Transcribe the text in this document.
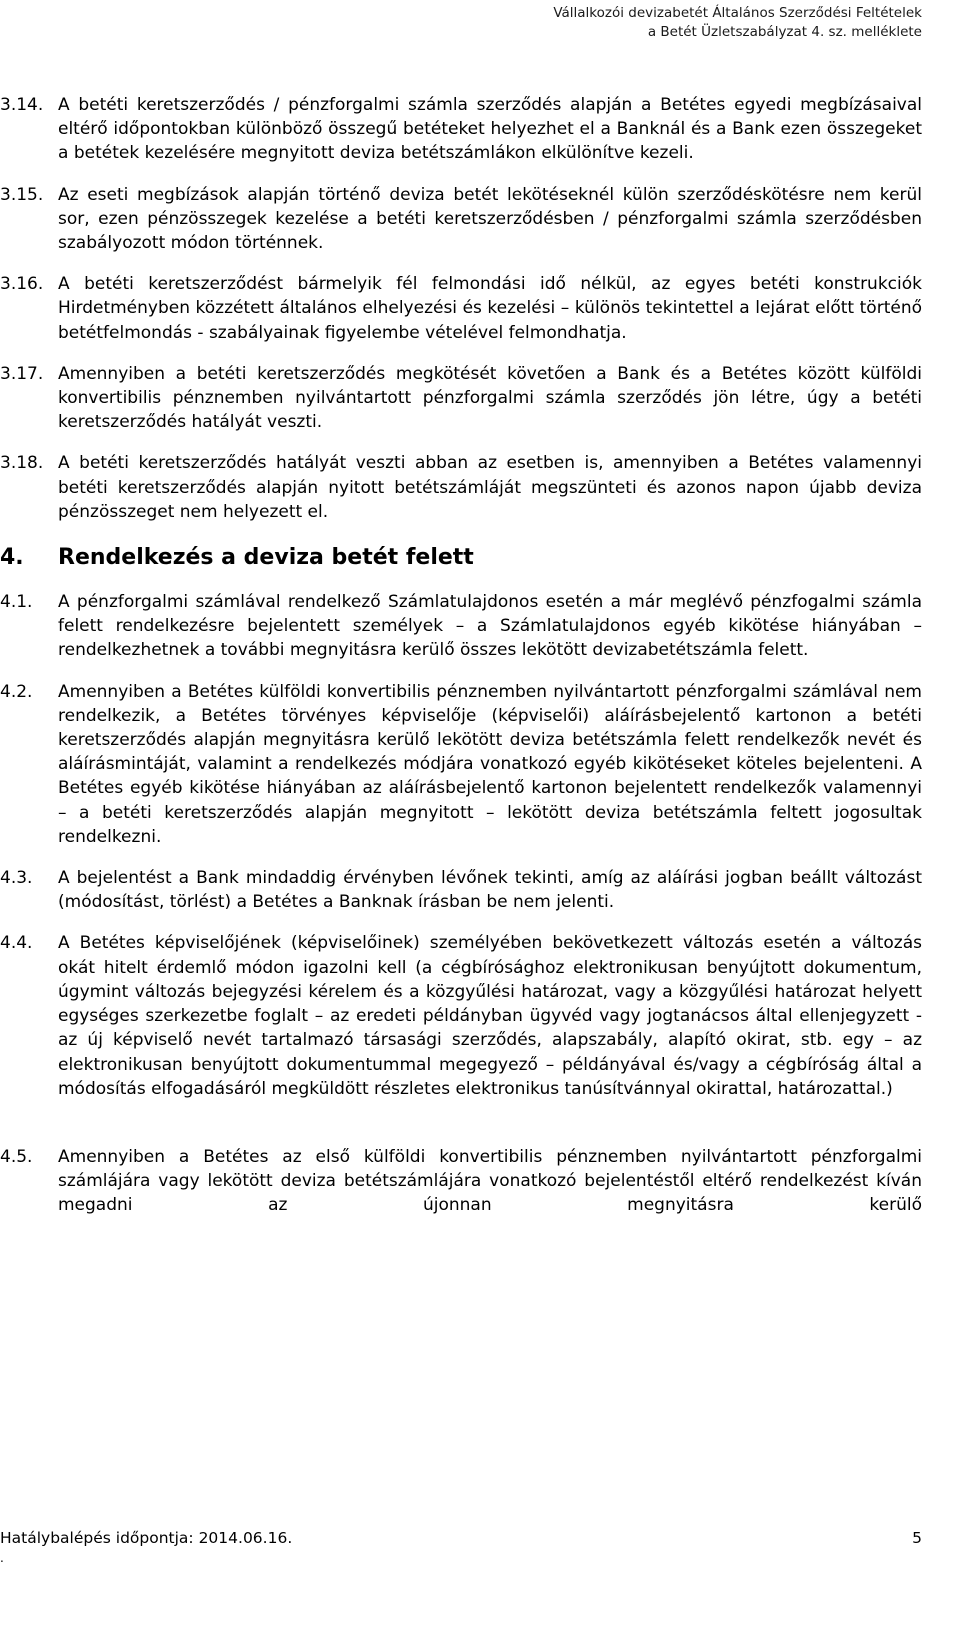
Vállalkozói devizabetét Általános Szerződési Feltételek
a Betét Üzletszabályzat 4. sz. melléklete
3.14. A betéti keretszerződés / pénzforgalmi számla szerződés alapján a Betétes egyedi megbízásaival eltérő időpontokban különböző összegű betéteket helyezhet el a Banknál és a Bank ezen összegeket a betétek kezelésére megnyitott deviza betétszámlákon elkülönítve kezeli.
3.15. Az eseti megbízások alapján történő deviza betét lekötéseknél külön szerződéskötésre nem kerül sor, ezen pénzösszegek kezelése a betéti keretszerződésben / pénzforgalmi számla szerződésben szabályozott módon történnek.
3.16. A betéti keretszerződést bármelyik fél felmondási idő nélkül, az egyes betéti konstrukciók Hirdetményben közzétett általános elhelyezési és kezelési – különös tekintettel a lejárat előtt történő betétfelmondás - szabályainak figyelembe vételével felmondhatja.
3.17. Amennyiben a betéti keretszerződés megkötését követően a Bank és a Betétes között külföldi konvertibilis pénznemben nyilvántartott pénzforgalmi számla szerződés jön létre, úgy a betéti keretszerződés hatályát veszti.
3.18. A betéti keretszerződés hatályát veszti abban az esetben is, amennyiben a Betétes valamennyi betéti keretszerződés alapján nyitott betétszámláját megszünteti és azonos napon újabb deviza pénzösszeget nem helyezett el.
4.	Rendelkezés a deviza betét felett
4.1.	A pénzforgalmi számlával rendelkező Számlatulajdonos esetén a már meglévő pénzfogalmi számla felett rendelkezésre bejelentett személyek – a Számlatulajdonos egyéb kikötése hiányában – rendelkezhetnek a további megnyitásra kerülő összes lekötött devizabetétszámla felett.
4.2.	Amennyiben a Betétes külföldi konvertibilis pénznemben nyilvántartott pénzforgalmi számlával nem rendelkezik, a Betétes törvényes képviselője (képviselői) aláírásbejelentő kartonon a betéti keretszerződés alapján megnyitásra kerülő lekötött deviza betétszámla felett rendelkezők nevét és aláírásmintáját, valamint a rendelkezés módjára vonatkozó egyéb kikötéseket köteles bejelenteni. A Betétes egyéb kikötése hiányában az aláírásbejelentő kartonon bejelentett rendelkezők valamennyi – a betéti keretszerződés alapján megnyitott – lekötött deviza betétszámla feltett jogosultak rendelkezni.
4.3.	A bejelentést a Bank mindaddig érvényben lévőnek tekinti, amíg az aláírási jogban beállt változást (módosítást, törlést) a Betétes a Banknak írásban be nem jelenti.
4.4.	A Betétes képviselőjének (képviselőinek) személyében bekövetkezett változás esetén a változás okát hitelt érdemlő módon igazolni kell (a cégbírósághoz elektronikusan benyújtott dokumentum, úgymint változás bejegyzési kérelem és a közgyűlési határozat, vagy a közgyűlési határozat helyett egységes szerkezetbe foglalt – az eredeti példányban ügyvéd vagy jogtanácsos által ellenjegyzett - az új képviselő nevét tartalmazó társasági szerződés, alapszabály, alapító okirat, stb. egy – az elektronikusan benyújtott dokumentummal megegyező – példányával és/vagy a cégbíróság által a módosítás elfogadásáról megküldött részletes elektronikus tanúsítvánnyal okirattal, határozattal.)
4.5.	Amennyiben a Betétes az első külföldi konvertibilis pénznemben nyilvántartott pénzforgalmi számlájára vagy lekötött deviza betétszámlájára vonatkozó bejelentéstől eltérő rendelkezést kíván megadni az újonnan megnyitásra kerülő
Hatálybalépés időpontja: 2014.06.16.	5
.
